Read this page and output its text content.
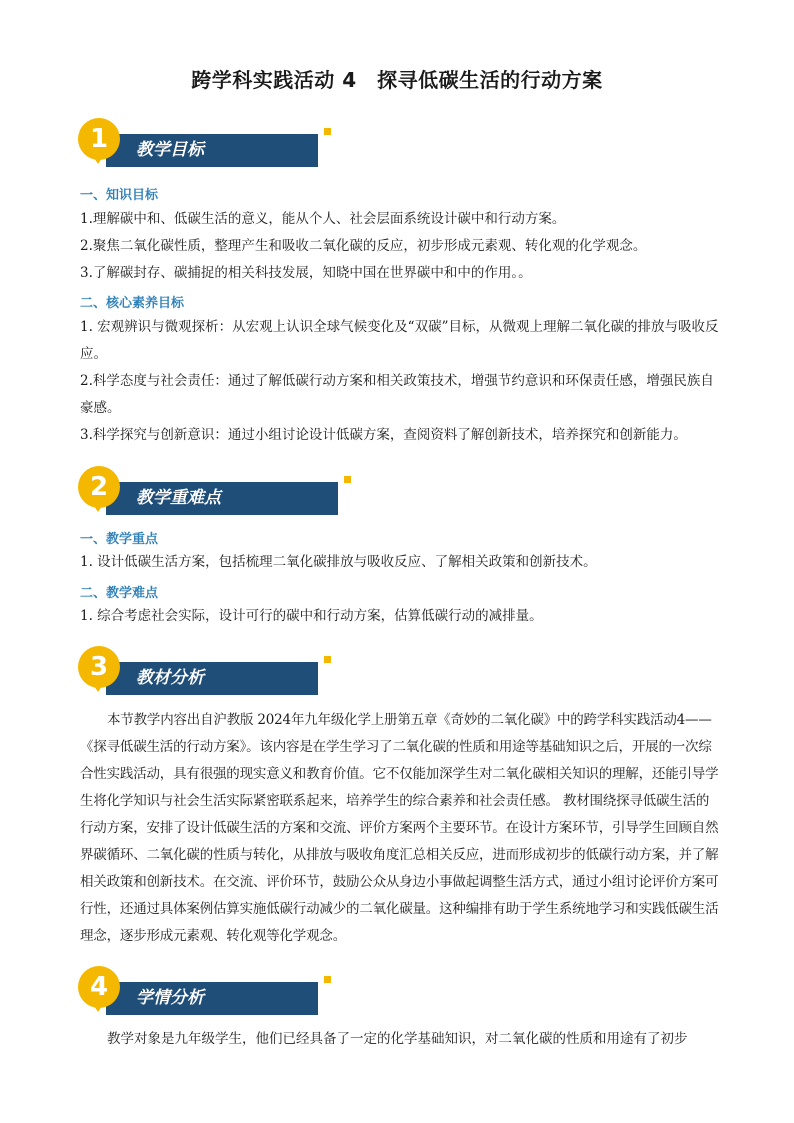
跨学科实践活动 4　探寻低碳生活的行动方案
1	教学目标
一、知识目标
1.理解碳中和、低碳生活的意义，能从个人、社会层面系统设计碳中和行动方案。
2.聚焦二氧化碳性质，整理产生和吸收二氧化碳的反应，初步形成元素观、转化观的化学观念。
3.了解碳封存、碳捕捉的相关科技发展，知晓中国在世界碳中和中的作用。。
二、核心素养目标
1. 宏观辨识与微观探析：从宏观上认识全球气候变化及“双碳”目标，从微观上理解二氧化碳的排放与吸收反应。
2.科学态度与社会责任：通过了解低碳行动方案和相关政策技术，增强节约意识和环保责任感，增强民族自豪感。
3.科学探究与创新意识：通过小组讨论设计低碳方案，查阅资料了解创新技术，培养探究和创新能力。
2	教学重难点
一、教学重点
1. 设计低碳生活方案，包括梳理二氧化碳排放与吸收反应、了解相关政策和创新技术。
二、教学难点
1. 综合考虑社会实际，设计可行的碳中和行动方案，估算低碳行动的减排量。
3	教材分析
本节教学内容出自沪教版 2024年九年级化学上册第五章《奇妙的二氧化碳》中的跨学科实践活动4——《探寻低碳生活的行动方案》。该内容是在学生学习了二氧化碳的性质和用途等基础知识之后，开展的一次综合性实践活动，具有很强的现实意义和教育价值。它不仅能加深学生对二氧化碳相关知识的理解，还能引导学生将化学知识与社会生活实际紧密联系起来，培养学生的综合素养和社会责任感。 教材围绕探寻低碳生活的行动方案，安排了设计低碳生活的方案和交流、评价方案两个主要环节。在设计方案环节，引导学生回顾自然界碳循环、二氧化碳的性质与转化，从排放与吸收角度汇总相关反应，进而形成初步的低碳行动方案，并了解相关政策和创新技术。在交流、评价环节，鼓励公众从身边小事做起调整生活方式，通过小组讨论评价方案可行性，还通过具体案例估算实施低碳行动减少的二氧化碳量。这种编排有助于学生系统地学习和实践低碳生活理念，逐步形成元素观、转化观等化学观念。
4	学情分析
教学对象是九年级学生，他们已经具备了一定的化学基础知识，对二氧化碳的性质和用途有了初步
